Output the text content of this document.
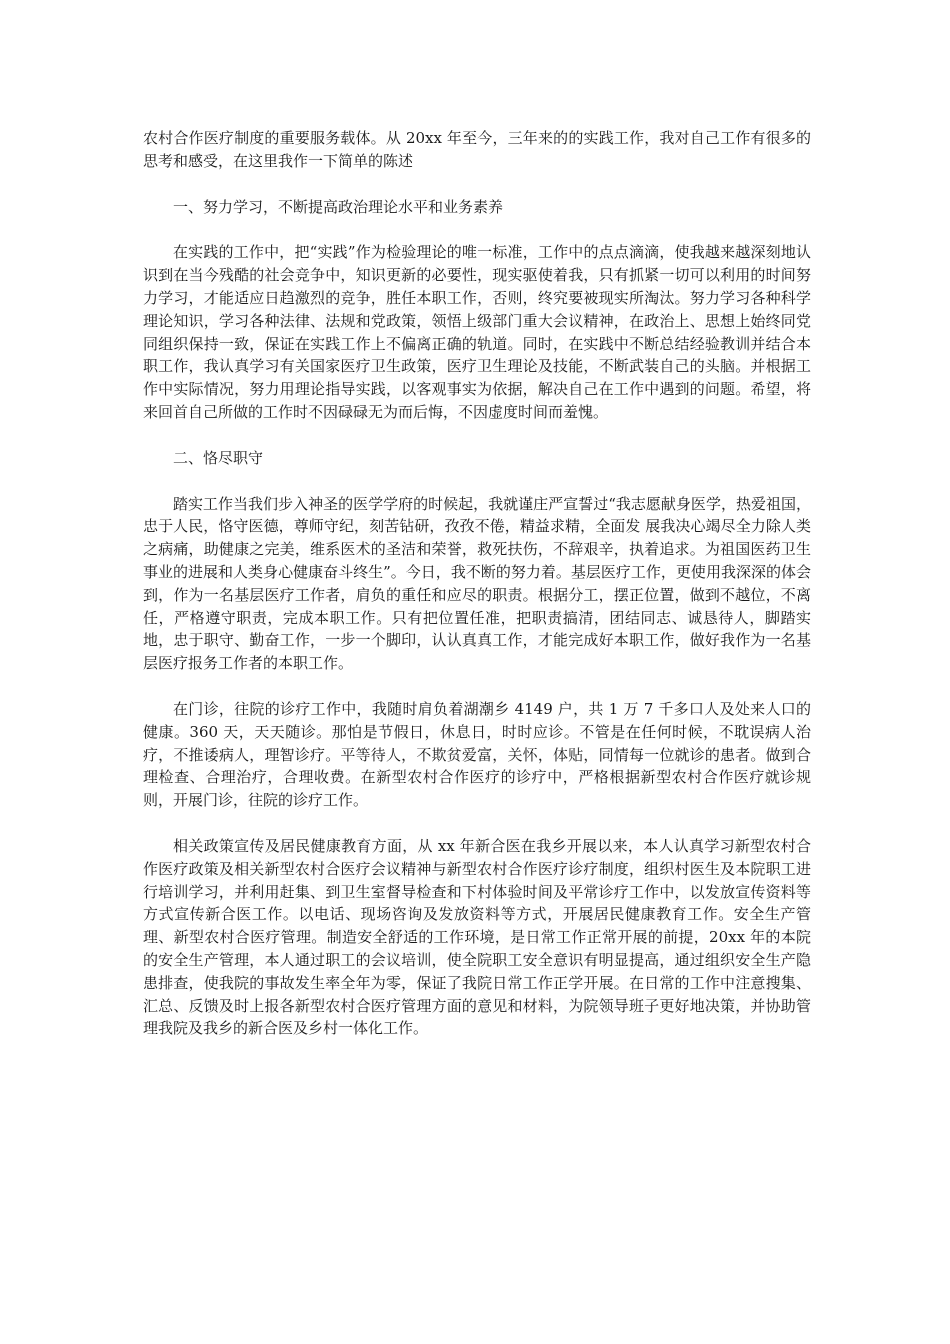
农村合作医疗制度的重要服务载体。从 20xx 年至今，三年来的的实践工作，我对自己工作有很多的思考和感受，在这里我作一下简单的陈述

一、努力学习，不断提高政治理论水平和业务素养

在实践的工作中，把“实践”作为检验理论的唯一标准，工作中的点点滴滴，使我越来越深刻地认识到在当今残酷的社会竞争中，知识更新的必要性，现实驱使着我，只有抓紧一切可以利用的时间努力学习，才能适应日趋激烈的竞争，胜任本职工作，否则，终究要被现实所淘汰。努力学习各种科学理论知识，学习各种法律、法规和党政策，领悟上级部门重大会议精神，在政治上、思想上始终同党同组织保持一致，保证在实践工作上不偏离正确的轨道。同时，在实践中不断总结经验教训并结合本职工作，我认真学习有关国家医疗卫生政策，医疗卫生理论及技能，不断武装自己的头脑。并根据工作中实际情况，努力用理论指导实践，以客观事实为依据，解决自己在工作中遇到的问题。希望，将来回首自己所做的工作时不因碌碌无为而后悔，不因虚度时间而羞愧。

二、恪尽职守

踏实工作当我们步入神圣的医学学府的时候起，我就谨庄严宣誓过“我志愿献身医学，热爱祖国，忠于人民，恪守医德，尊师守纪，刻苦钻研，孜孜不倦，精益求精，全面发 展我决心竭尽全力除人类之病痛，助健康之完美，维系医术的圣洁和荣誉，救死扶伤，不辞艰辛，执着追求。为祖国医药卫生事业的进展和人类身心健康奋斗终生”。今日，我不断的努力着。基层医疗工作，更使用我深深的体会到，作为一名基层医疗工作者，肩负的重任和应尽的职责。根据分工，摆正位置，做到不越位，不离任，严格遵守职责，完成本职工作。只有把位置任准，把职责搞清，团结同志、诚恳待人，脚踏实地，忠于职守、勤奋工作，一步一个脚印，认认真真工作，才能完成好本职工作，做好我作为一名基层医疗报务工作者的本职工作。

在门诊，往院的诊疗工作中，我随时肩负着湖潮乡 4149 户，共 1 万 7 千多口人及处来人口的健康。360 天，天天随诊。那怕是节假日，休息日，时时应诊。不管是在任何时候，不耽误病人治疗，不推诿病人，理智诊疗。平等待人，不欺贫爱富，关怀，体贴，同情每一位就诊的患者。做到合理检查、合理治疗，合理收费。在新型农村合作医疗的诊疗中，严格根据新型农村合作医疗就诊规则，开展门诊，往院的诊疗工作。

相关政策宣传及居民健康教育方面，从 xx 年新合医在我乡开展以来，本人认真学习新型农村合作医疗政策及相关新型农村合医疗会议精神与新型农村合作医疗诊疗制度，组织村医生及本院职工进行培训学习，并利用赶集、到卫生室督导检查和下村体验时间及平常诊疗工作中，以发放宣传资料等方式宣传新合医工作。以电话、现场咨询及发放资料等方式，开展居民健康教育工作。安全生产管理、新型农村合医疗管理。制造安全舒适的工作环境，是日常工作正常开展的前提，20xx 年的本院的安全生产管理，本人通过职工的会议培训，使全院职工安全意识有明显提高，通过组织安全生产隐患排查，使我院的事故发生率全年为零，保证了我院日常工作正学开展。在日常的工作中注意搜集、汇总、反馈及时上报各新型农村合医疗管理方面的意见和材料，为院领导班子更好地决策，并协助管理我院及我乡的新合医及乡村一体化工作。
